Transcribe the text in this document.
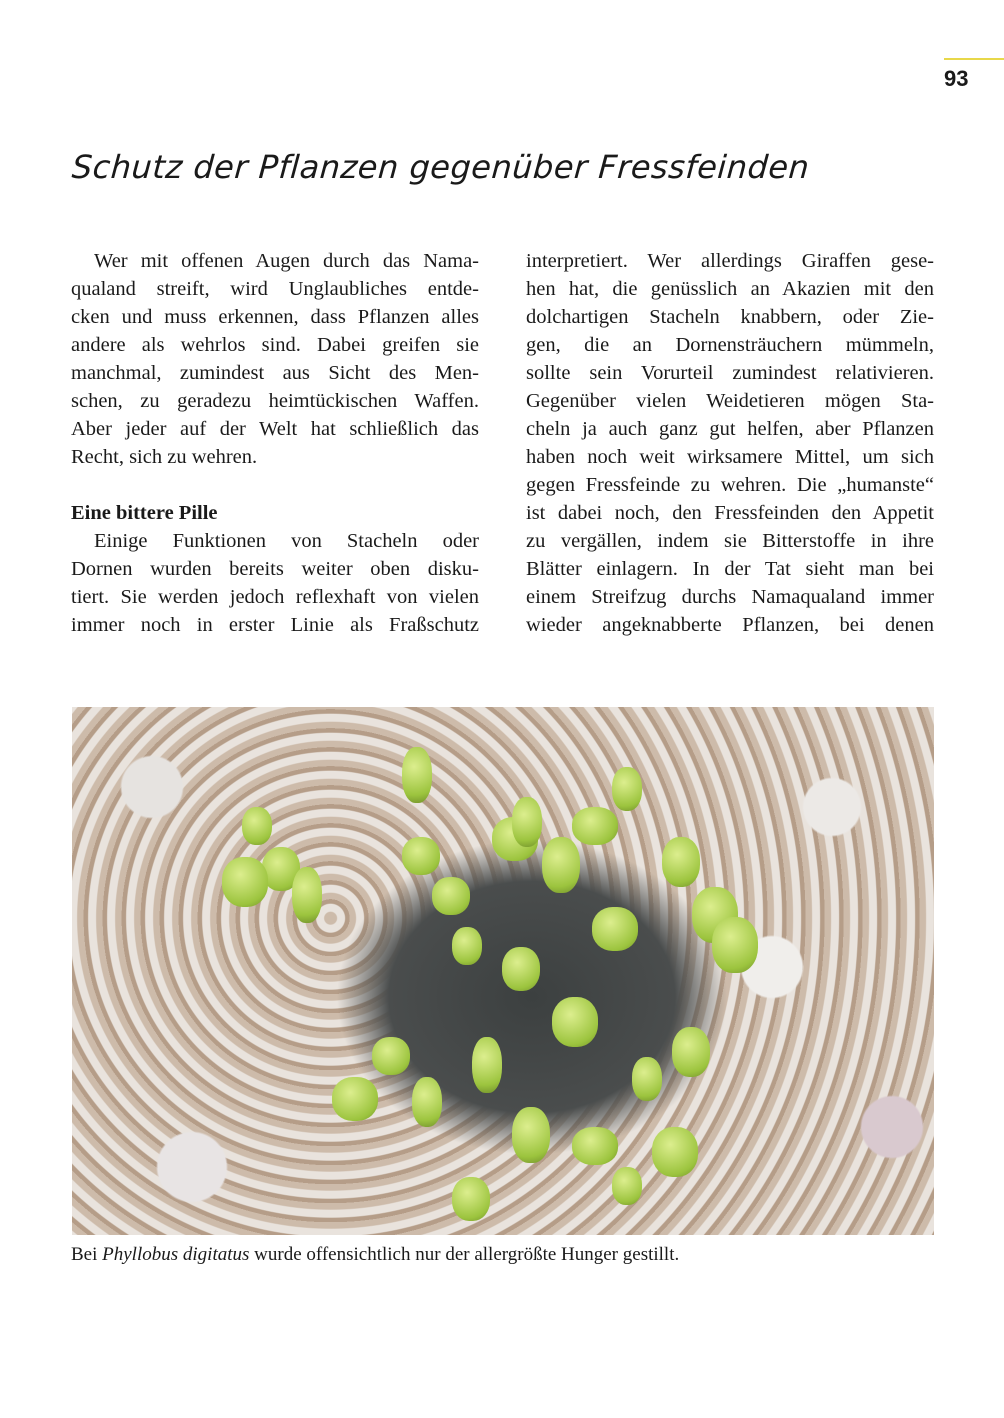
93
Schutz der Pflanzen gegenüber Fressfeinden
Wer mit offenen Augen durch das Nama-
qualand streift, wird Unglaubliches entde-
cken und muss erkennen, dass Pflanzen alles
andere als wehrlos sind. Dabei greifen sie
manchmal, zumindest aus Sicht des Men-
schen, zu geradezu heimtückischen Waffen.
Aber jeder auf der Welt hat schließlich das
Recht, sich zu wehren.
Eine bittere Pille
Einige Funktionen von Stacheln oder
Dornen wurden bereits weiter oben disku-
tiert. Sie werden jedoch reflexhaft von vielen
immer noch in erster Linie als Fraßschutz
interpretiert. Wer allerdings Giraffen gese-
hen hat, die genüsslich an Akazien mit den
dolchartigen Stacheln knabbern, oder Zie-
gen, die an Dornensträuchern mümmeln,
sollte sein Vorurteil zumindest relativieren.
Gegenüber vielen Weidetieren mögen Sta-
cheln ja auch ganz gut helfen, aber Pflanzen
haben noch weit wirksamere Mittel, um sich
gegen Fressfeinde zu wehren. Die „humanste“
ist dabei noch, den Fressfeinden den Appetit
zu vergällen, indem sie Bitterstoffe in ihre
Blätter einlagern. In der Tat sieht man bei
einem Streifzug durchs Namaqualand immer
wieder angeknabberte Pflanzen, bei denen
Bei Phyllobus digitatus wurde offensichtlich nur der allergrößte Hunger gestillt.
